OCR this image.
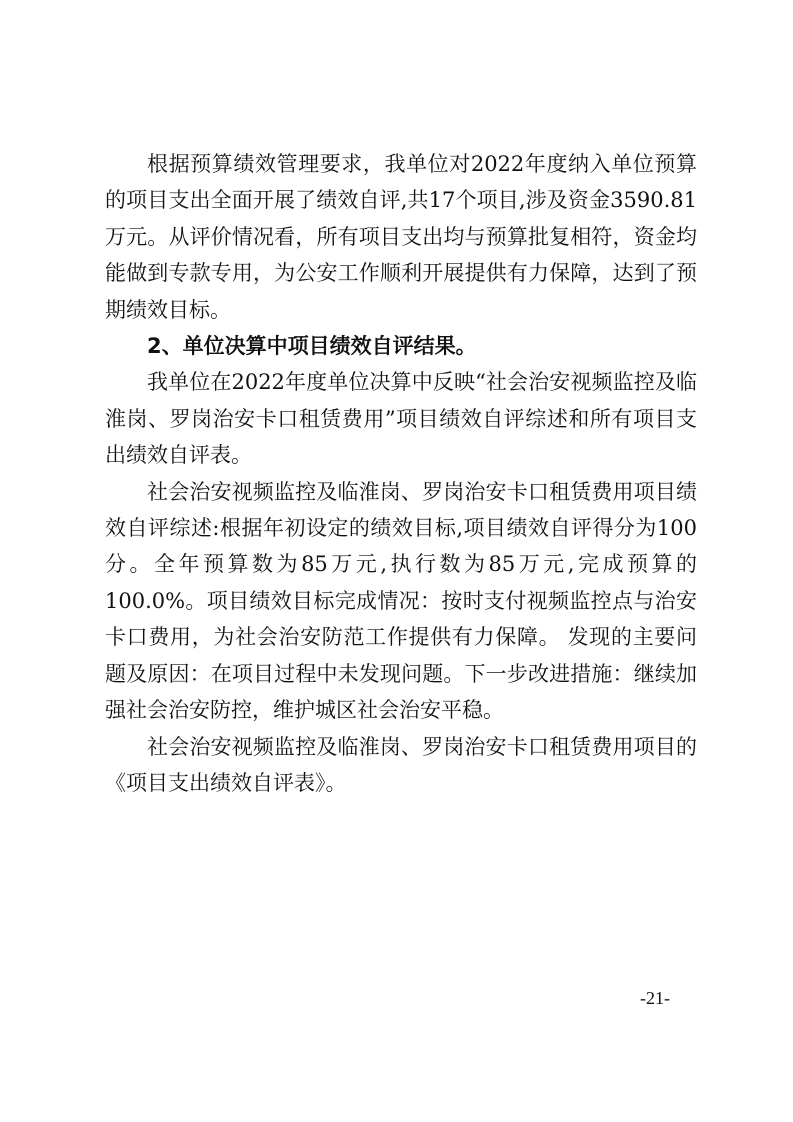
根据预算绩效管理要求，我单位对2022年度纳入单位预算的项目支出全面开展了绩效自评,共17个项目,涉及资金3590.81万元。从评价情况看，所有项目支出均与预算批复相符，资金均能做到专款专用，为公安工作顺利开展提供有力保障，达到了预期绩效目标。

2、单位决算中项目绩效自评结果。

我单位在2022年度单位决算中反映“社会治安视频监控及临淮岗、罗岗治安卡口租赁费用”项目绩效自评综述和所有项目支出绩效自评表。

社会治安视频监控及临淮岗、罗岗治安卡口租赁费用项目绩效自评综述:根据年初设定的绩效目标,项目绩效自评得分为100分。全年预算数为85万元,执行数为85万元,完成预算的100.0%。项目绩效目标完成情况：按时支付视频监控点与治安卡口费用，为社会治安防范工作提供有力保障。 发现的主要问题及原因：在项目过程中未发现问题。下一步改进措施：继续加强社会治安防控，维护城区社会治安平稳。

社会治安视频监控及临淮岗、罗岗治安卡口租赁费用项目的《项目支出绩效自评表》。

-21-
